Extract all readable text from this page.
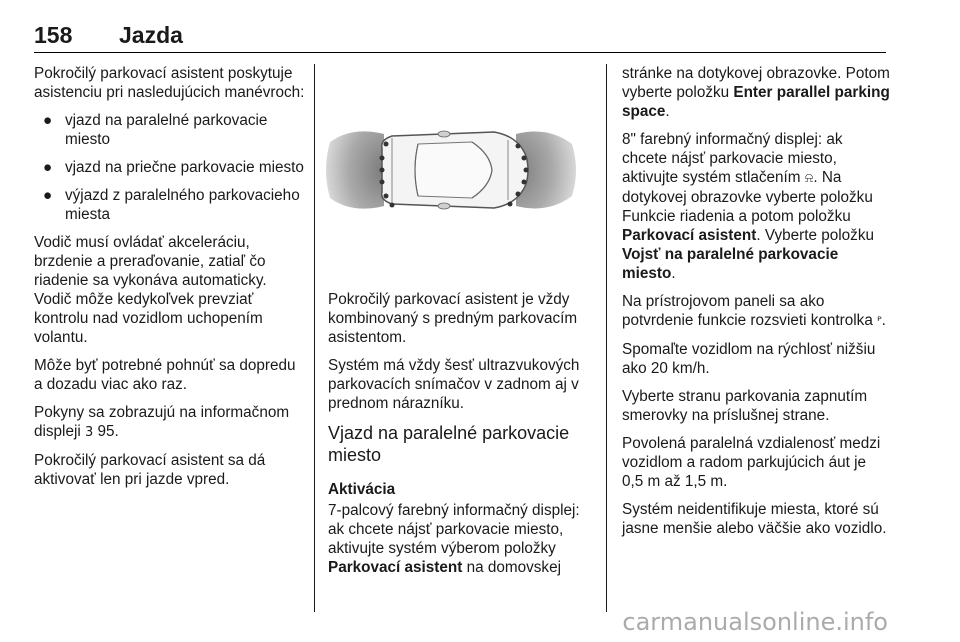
158 Jazda

Pokročilý parkovací asistent poskytuje asistenciu pri nasledujúcich manévroch:

● vjazd na paralelné parkovacie miesto
● vjazd na priečne parkovacie miesto
● výjazd z paralelného parkovacieho miesta

Vodič musí ovládať akceleráciu, brzdenie a preraďovanie, zatiaľ čo riadenie sa vykonáva automaticky. Vodič môže kedykoľvek prevziať kontrolu nad vozidlom uchopením volantu.

Môže byť potrebné pohnúť sa dopredu a dozadu viac ako raz.

Pokyny sa zobrazujú na informačnom displeji 3 95.

Pokročilý parkovací asistent sa dá aktivovať len pri jazde vpred.

Pokročilý parkovací asistent je vždy kombinovaný s predným parkovacím asistentom.

Systém má vždy šesť ultrazvukových parkovacích snímačov v zadnom aj v prednom nárazníku.

Vjazd na paralelné parkovacie miesto

Aktivácia

7-palcový farebný informačný displej: ak chcete nájsť parkovacie miesto, aktivujte systém výberom položky Parkovací asistent na domovskej

stránke na dotykovej obrazovke. Potom vyberte položku Enter parallel parking space.

8" farebný informačný displej: ak chcete nájsť parkovacie miesto, aktivujte systém stlačením ⍾. Na dotykovej obrazovke vyberte položku Funkcie riadenia a potom položku Parkovací asistent. Vyberte položku Vojsť na paralelné parkovacie miesto.

Na prístrojovom paneli sa ako potvrdenie funkcie rozsvieti kontrolka ᴾ.

Spomaľte vozidlom na rýchlosť nižšiu ako 20 km/h.

Vyberte stranu parkovania zapnutím smerovky na príslušnej strane.

Povolená paralelná vzdialenosť medzi vozidlom a radom parkujúcich áut je 0,5 m až 1,5 m.

Systém neidentifikuje miesta, ktoré sú jasne menšie alebo väčšie ako vozidlo.

carmanualsonline.info
